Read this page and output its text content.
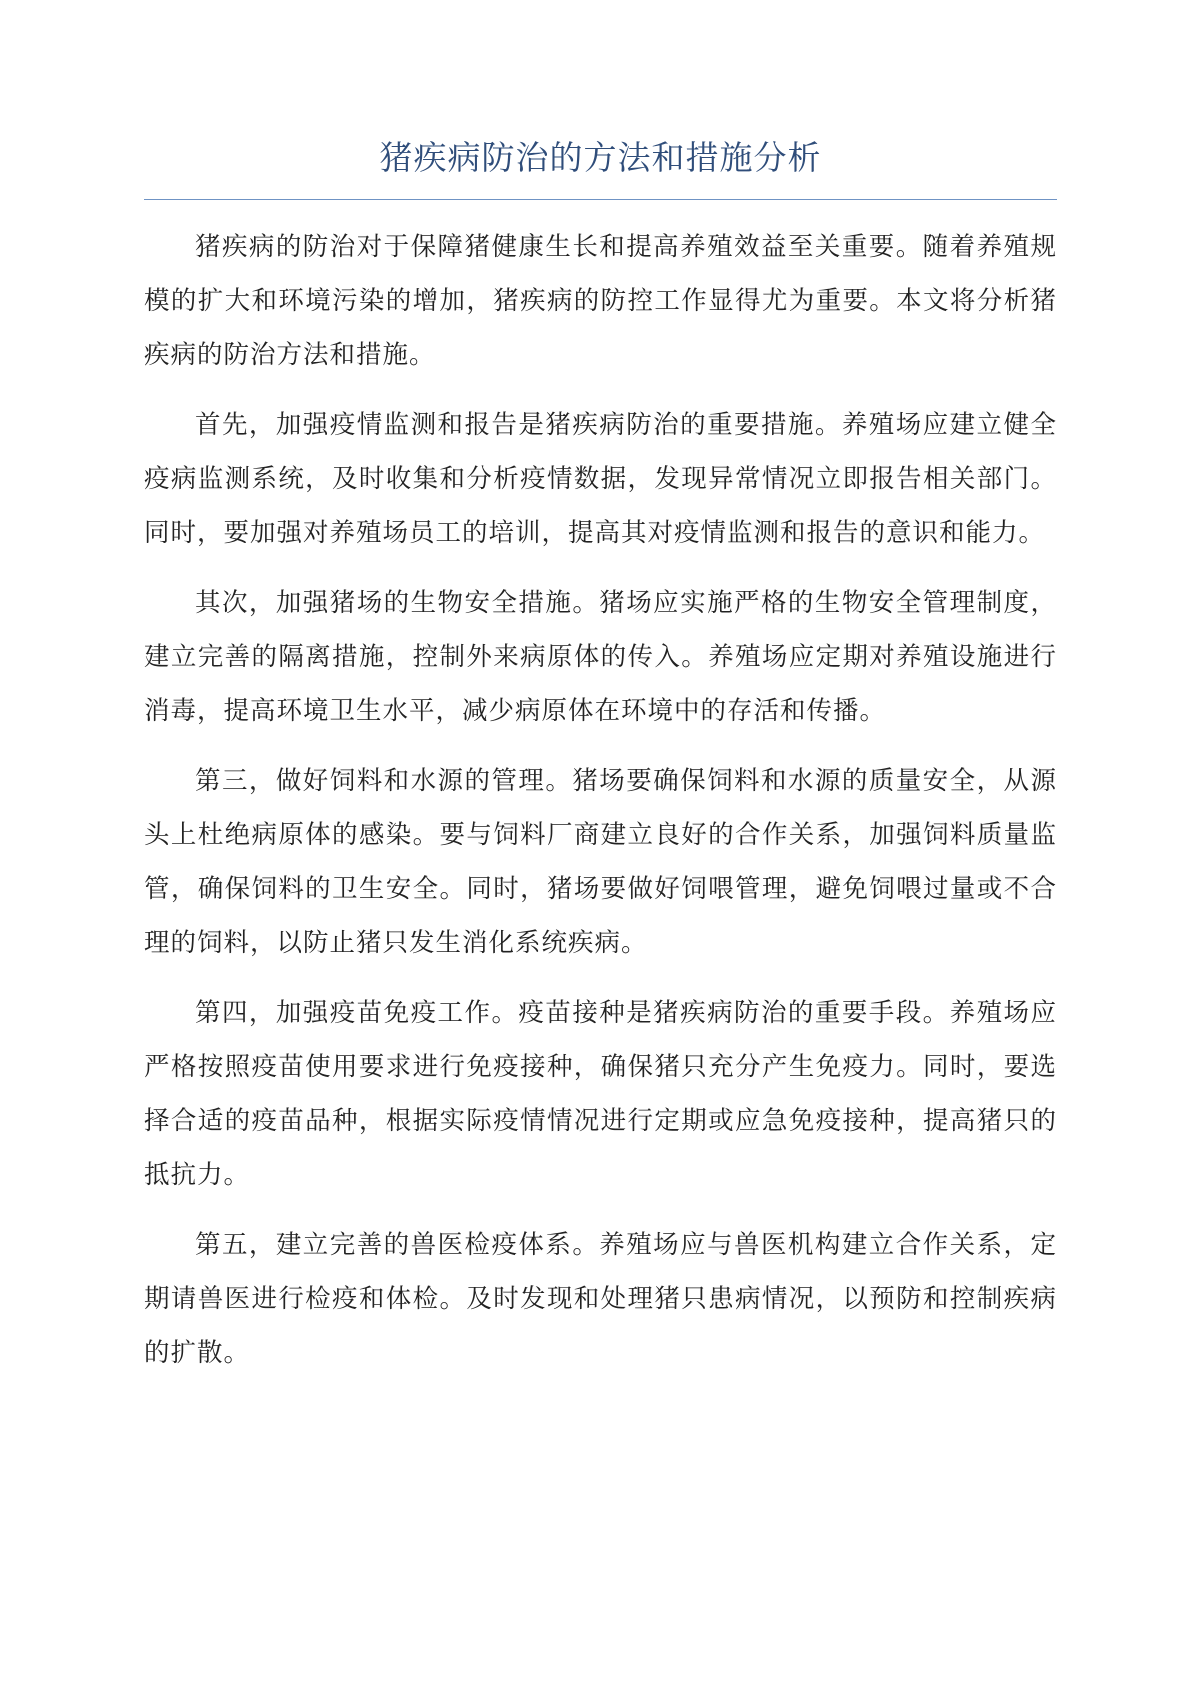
猪疾病防治的方法和措施分析

猪疾病的防治对于保障猪健康生长和提高养殖效益至关重要。随着养殖规模的扩大和环境污染的增加，猪疾病的防控工作显得尤为重要。本文将分析猪疾病的防治方法和措施。

首先，加强疫情监测和报告是猪疾病防治的重要措施。养殖场应建立健全疫病监测系统，及时收集和分析疫情数据，发现异常情况立即报告相关部门。同时，要加强对养殖场员工的培训，提高其对疫情监测和报告的意识和能力。

其次，加强猪场的生物安全措施。猪场应实施严格的生物安全管理制度，建立完善的隔离措施，控制外来病原体的传入。养殖场应定期对养殖设施进行消毒，提高环境卫生水平，减少病原体在环境中的存活和传播。

第三，做好饲料和水源的管理。猪场要确保饲料和水源的质量安全，从源头上杜绝病原体的感染。要与饲料厂商建立良好的合作关系，加强饲料质量监管，确保饲料的卫生安全。同时，猪场要做好饲喂管理，避免饲喂过量或不合理的饲料，以防止猪只发生消化系统疾病。

第四，加强疫苗免疫工作。疫苗接种是猪疾病防治的重要手段。养殖场应严格按照疫苗使用要求进行免疫接种，确保猪只充分产生免疫力。同时，要选择合适的疫苗品种，根据实际疫情情况进行定期或应急免疫接种，提高猪只的抵抗力。

第五，建立完善的兽医检疫体系。养殖场应与兽医机构建立合作关系，定期请兽医进行检疫和体检。及时发现和处理猪只患病情况，以预防和控制疾病的扩散。
